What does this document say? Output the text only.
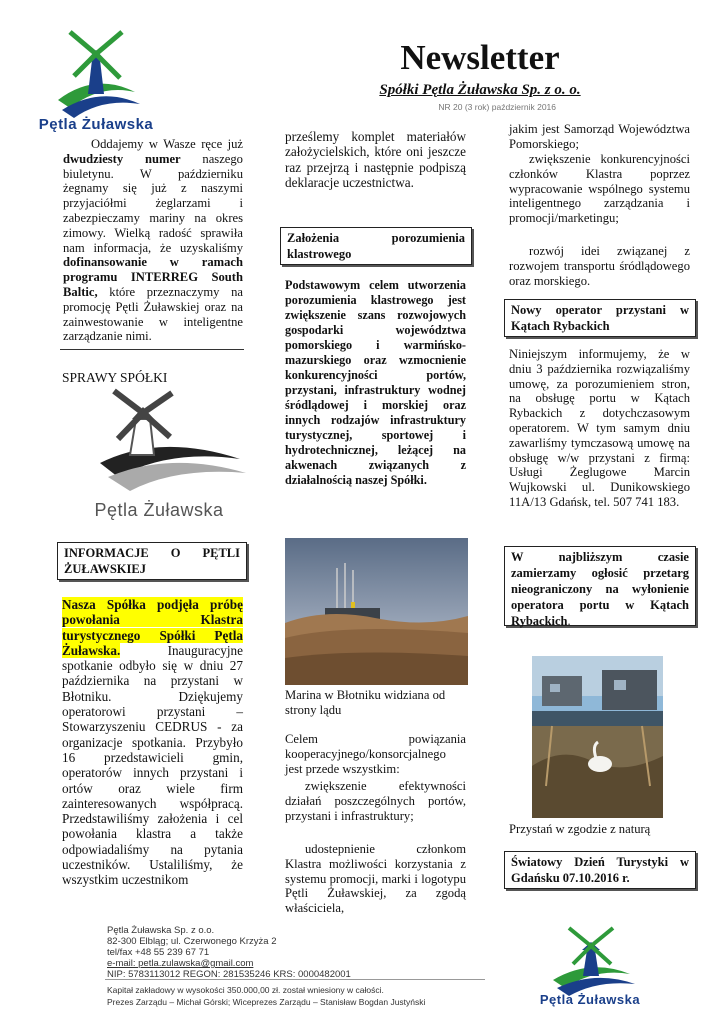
Pętla Żuławska
Newsletter
Spółki Pętla Żuławska Sp. z o. o.
NR 20 (3 rok) październik 2016
Oddajemy w Wasze ręce już dwudziesty numer naszego biuletynu. W październiku żegnamy się już z naszymi przyjaciółmi żeglarzami i zabezpieczamy mariny na okres zimowy. Wielką radość sprawiła nam informacja, że uzyskaliśmy dofinansowanie w ramach programu INTERREG South Baltic, które przeznaczymy na promocję Pętli Żuławskiej oraz na zainwestowanie w inteligentne zarządzanie nimi.
SPRAWY SPÓŁKI
Pętla Żuławska
INFORMACJE O PĘTLI ŻUŁAWSKIEJ
Nasza Spółka podjęła próbę powołania Klastra turystycznego Spółki Pętla Żuławska.	Inauguracyjne spotkanie odbyło się w dniu 27 października na przystani w Błotniku. Dziękujemy operatorowi przystani – Stowarzyszeniu CEDRUS - za organizacje spotkania. Przybyło 16 przedstawicieli gmin, operatorów innych przystani i ortów oraz wiele firm zainteresowanych współpracą. Przedstawiliśmy założenia i cel powołania klastra a także odpowiadaliśmy na pytania uczestników. Ustaliliśmy, że wszystkim uczestnikom
prześlemy komplet materiałów założycielskich, które oni jeszcze raz przejrzą i następnie podpiszą deklaracje uczestnictwa.
Założenia porozumienia klastrowego
Podstawowym celem utworzenia porozumienia klastrowego jest zwiększenie szans rozwojowych gospodarki województwa pomorskiego i warmińsko-mazurskiego oraz wzmocnienie konkurencyjności portów, przystani, infrastruktury wodnej śródlądowej i morskiej oraz innych rodzajów infrastruktury turystycznej, sportowej i hydrotechnicznej, leżącej na akwenach związanych z działalnością naszej Spółki.
Marina w Błotniku widziana od strony lądu
Celem powiązania kooperacyjnego/konsorcjalnego jest przede wszystkim:
zwiększenie efektywności działań poszczególnych portów, przystani i infrastruktury;
udostepnienie członkom Klastra możliwości korzystania z systemu promocji, marki i logotypu Pętli Żuławskiej, za zgodą właściciela,
jakim jest Samorząd Województwa Pomorskiego;
zwiększenie konkurencyjności członków Klastra poprzez wypracowanie wspólnego systemu inteligentnego zarządzania i promocji/marketingu;
rozwój idei związanej z rozwojem transportu śródlądowego oraz morskiego.
Nowy operator przystani w Kątach Rybackich
Niniejszym informujemy, że w dniu 3 października rozwiązaliśmy umowę, za porozumieniem stron, na obsługę portu w Kątach Rybackich z dotychczasowym operatorem. W tym samym dniu zawarliśmy tymczasową umowę na obsługę w/w przystani z firmą: Usługi Żeglugowe Marcin Wujkowski ul. Dunikowskiego 11A/13 Gdańsk, tel. 507 741 183.
W najbliższym czasie zamierzamy ogłosić przetarg nieograniczony na wyłonienie operatora portu w Kątach Rybackich.
Przystań w zgodzie z naturą
Światowy Dzień Turystyki w Gdańsku 07.10.2016 r.
Pętla Żuławska Sp. z o.o.
82-300 Elbląg; ul. Czerwonego Krzyża 2
tel/fax +48 55 239 67 71
e-mail: petla.zulawska@gmail.com
NIP: 5783113012 REGON: 281535246 KRS: 0000482001
Kapitał zakładowy w wysokości 350.000,00 zł. został wniesiony w całości.
Prezes Zarządu – Michał Górski; Wiceprezes Zarządu – Stanisław Bogdan Justyński	Pętla Żuławska
